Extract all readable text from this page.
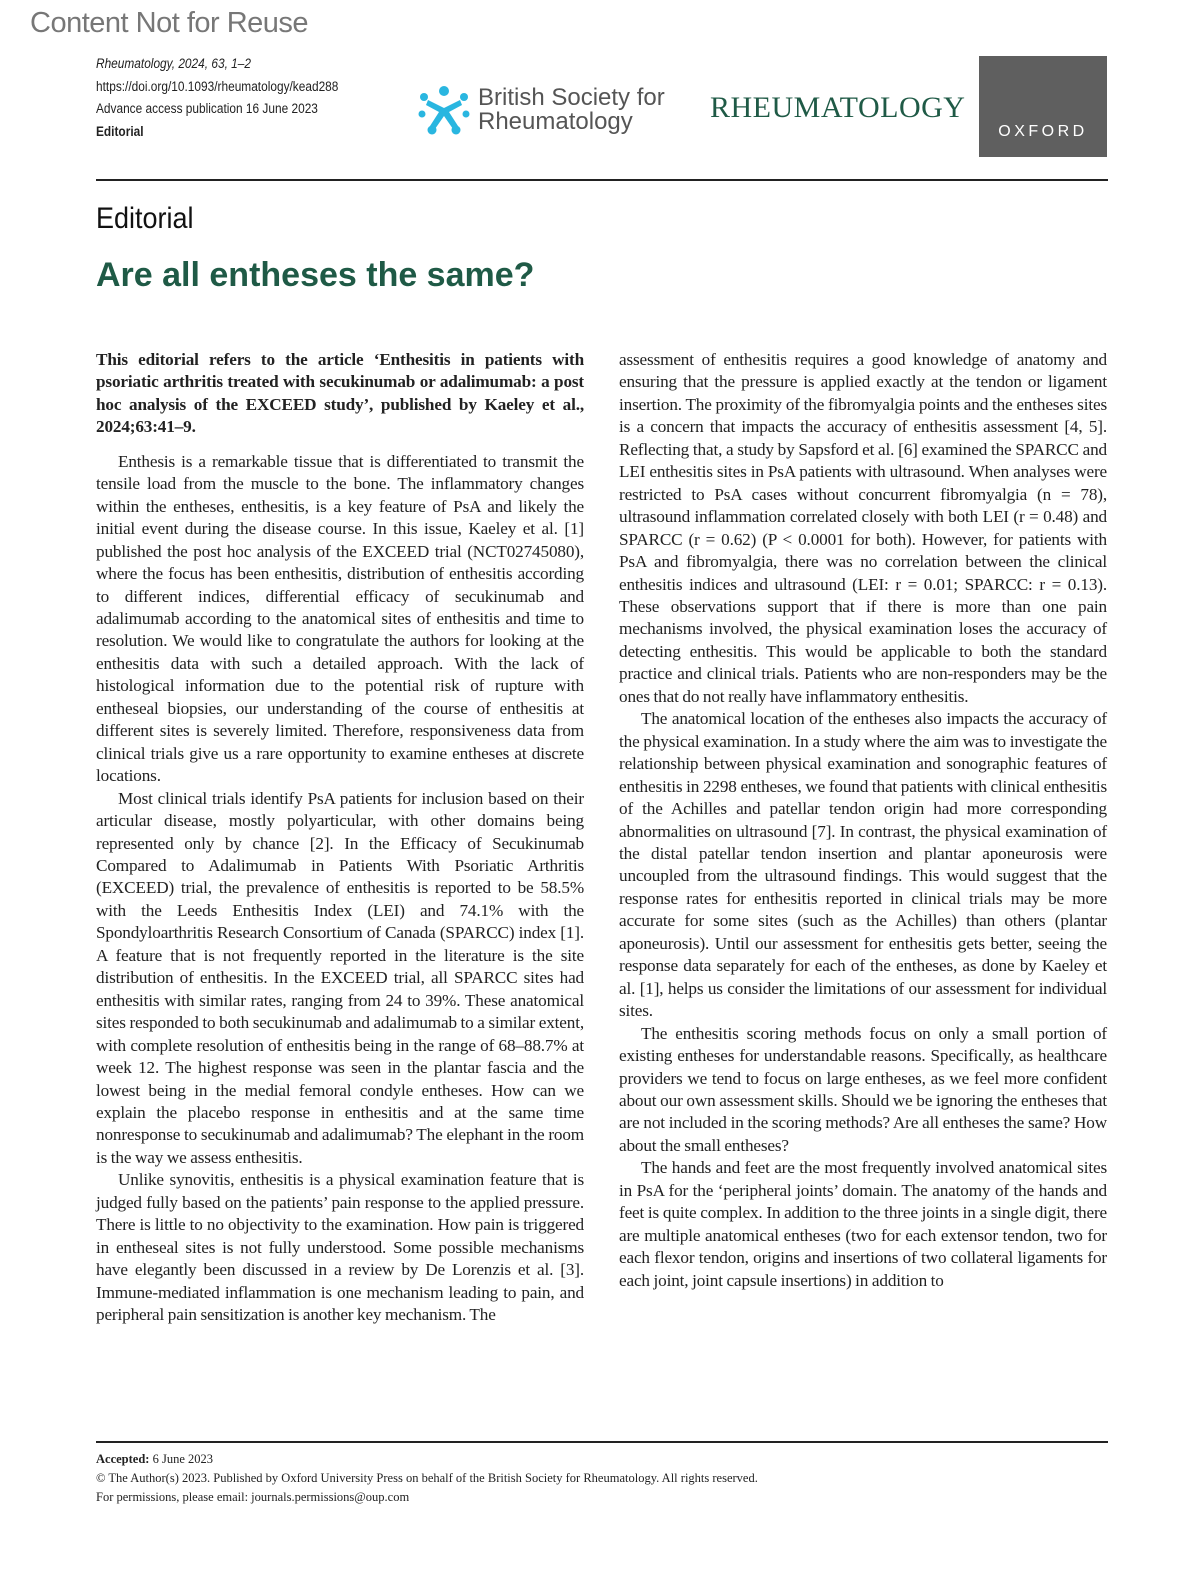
Content Not for Reuse
Rheumatology, 2024, 63, 1–2
https://doi.org/10.1093/rheumatology/kead288
Advance access publication 16 June 2023
Editorial
British Society for
Rheumatology	RHEUMATOLOGY
OXFORD
Editorial
Are all entheses the same?

This editorial refers to the article ‘Enthesitis in patients with psoriatic arthritis treated with secukinumab or adalimumab: a post hoc analysis of the EXCEED study’, published by Kaeley et al., 2024;63:41–9.

Enthesis is a remarkable tissue that is differentiated to transmit the tensile load from the muscle to the bone. The inflammatory changes within the entheses, enthesitis, is a key feature of PsA and likely the initial event during the disease course. In this issue, Kaeley et al. [1] published the post hoc analysis of the EXCEED trial (NCT02745080), where the focus has been enthesitis, distribution of enthesitis according to different indices, differential efficacy of secukinumab and adalimumab according to the anatomical sites of enthesitis and time to resolution. We would like to congratulate the authors for looking at the enthesitis data with such a detailed approach. With the lack of histological information due to the potential risk of rupture with entheseal biopsies, our understanding of the course of enthesitis at different sites is severely limited. Therefore, responsiveness data from clinical trials give us a rare opportunity to examine entheses at discrete locations.

Most clinical trials identify PsA patients for inclusion based on their articular disease, mostly polyarticular, with other domains being represented only by chance [2]. In the Efficacy of Secukinumab Compared to Adalimumab in Patients With Psoriatic Arthritis (EXCEED) trial, the prevalence of enthesitis is reported to be 58.5% with the Leeds Enthesitis Index (LEI) and 74.1% with the Spondyloarthritis Research Consortium of Canada (SPARCC) index [1]. A feature that is not frequently reported in the literature is the site distribution of enthesitis. In the EXCEED trial, all SPARCC sites had enthesitis with similar rates, ranging from 24 to 39%. These anatomical sites responded to both secukinumab and adalimumab to a similar extent, with complete resolution of enthesitis being in the range of 68–88.7% at week 12. The highest response was seen in the plantar fascia and the lowest being in the medial femoral condyle entheses. How can we explain the placebo response in enthesitis and at the same time nonresponse to secukinumab and adalimumab? The elephant in the room is the way we assess enthesitis.

Unlike synovitis, enthesitis is a physical examination feature that is judged fully based on the patients’ pain response to the applied pressure. There is little to no objectivity to the examination. How pain is triggered in entheseal sites is not fully understood. Some possible mechanisms have elegantly been discussed in a review by De Lorenzis et al. [3]. Immune-mediated inflammation is one mechanism leading to pain, and peripheral pain sensitization is another key mechanism. The

assessment of enthesitis requires a good knowledge of anatomy and ensuring that the pressure is applied exactly at the tendon or ligament insertion. The proximity of the fibromyalgia points and the entheses sites is a concern that impacts the accuracy of enthesitis assessment [4, 5]. Reflecting that, a study by Sapsford et al. [6] examined the SPARCC and LEI enthesitis sites in PsA patients with ultrasound. When analyses were restricted to PsA cases without concurrent fibromyalgia (n = 78), ultrasound inflammation correlated closely with both LEI (r = 0.48) and SPARCC (r = 0.62) (P < 0.0001 for both). However, for patients with PsA and fibromyalgia, there was no correlation between the clinical enthesitis indices and ultrasound (LEI: r = 0.01; SPARCC: r = 0.13). These observations support that if there is more than one pain mechanisms involved, the physical examination loses the accuracy of detecting enthesitis. This would be applicable to both the standard practice and clinical trials. Patients who are non-responders may be the ones that do not really have inflammatory enthesitis.

The anatomical location of the entheses also impacts the accuracy of the physical examination. In a study where the aim was to investigate the relationship between physical examination and sonographic features of enthesitis in 2298 entheses, we found that patients with clinical enthesitis of the Achilles and patellar tendon origin had more corresponding abnormalities on ultrasound [7]. In contrast, the physical examination of the distal patellar tendon insertion and plantar aponeurosis were uncoupled from the ultrasound findings. This would suggest that the response rates for enthesitis reported in clinical trials may be more accurate for some sites (such as the Achilles) than others (plantar aponeurosis). Until our assessment for enthesitis gets better, seeing the response data separately for each of the entheses, as done by Kaeley et al. [1], helps us consider the limitations of our assessment for individual sites.

The enthesitis scoring methods focus on only a small portion of existing entheses for understandable reasons. Specifically, as healthcare providers we tend to focus on large entheses, as we feel more confident about our own assessment skills. Should we be ignoring the entheses that are not included in the scoring methods? Are all entheses the same? How about the small entheses?

The hands and feet are the most frequently involved anatomical sites in PsA for the ‘peripheral joints’ domain. The anatomy of the hands and feet is quite complex. In addition to the three joints in a single digit, there are multiple anatomical entheses (two for each extensor tendon, two for each flexor tendon, origins and insertions of two collateral ligaments for each joint, joint capsule insertions) in addition to

Accepted: 6 June 2023
© The Author(s) 2023. Published by Oxford University Press on behalf of the British Society for Rheumatology. All rights reserved.
For permissions, please email: journals.permissions@oup.com
